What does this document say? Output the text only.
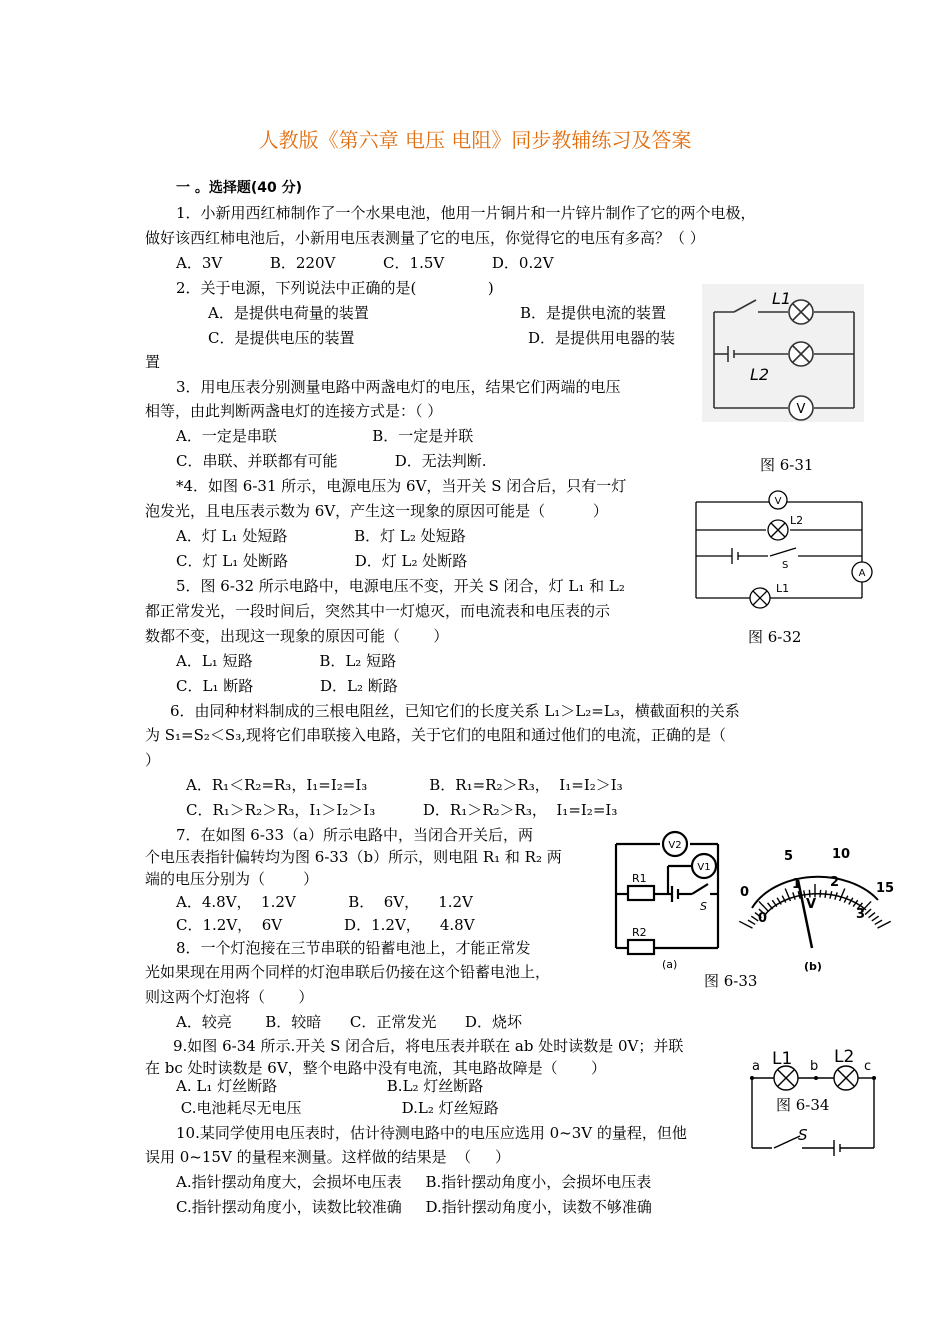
人教版《第六章 电压 电阻》同步教辅练习及答案
一 。选择题(40 分)
1．小新用西红柿制作了一个水果电池，他用一片铜片和一片锌片制作了它的两个电极，
做好该西红柿电池后，小新用电压表测量了它的电压，你觉得它的电压有多高？（ ）
A．3V          B．220V          C．1.5V          D．0.2V
2．关于电源，下列说法中正确的是(               )
A．是提供电荷量的装置	B．是提供电流的装置
C．是提供电压的装置	D．是提供用电器的装
置
3．用电压表分别测量电路中两盏电灯的电压，结果它们两端的电压
相等，由此判断两盏电灯的连接方式是：（ ）
A．一定是串联                    B．一定是并联
C．串联、并联都有可能            D．无法判断.
*4．如图 6-31 所示，电源电压为 6V，当开关 S 闭合后，只有一灯
泡发光，且电压表示数为 6V，产生这一现象的原因可能是（          ）
A．灯 L₁ 处短路              B．灯 L₂ 处短路
C．灯 L₁ 处断路              D．灯 L₂ 处断路
5．图 6-32 所示电路中，电源电压不变，开关 S 闭合，灯 L₁ 和 L₂
都正常发光，一段时间后，突然其中一灯熄灭，而电流表和电压表的示
数都不变，出现这一现象的原因可能（       ）
A．L₁ 短路              B．L₂ 短路
C．L₁ 断路              D．L₂ 断路
6．由同种材料制成的三根电阻丝，已知它们的长度关系 L₁＞L₂=L₃，横截面积的关系
为 S₁=S₂＜S₃,现将它们串联接入电路，关于它们的电阻和通过他们的电流，正确的是（
）
A．R₁＜R₂=R₃，I₁=I₂=I₃             B．R₁=R₂＞R₃，  I₁=I₂＞I₃
C．R₁＞R₂＞R₃，I₁＞I₂＞I₃          D．R₁＞R₂＞R₃，  I₁=I₂=I₃
7．在如图 6-33（a）所示电路中，当闭合开关后，两
个电压表指针偏转均为图 6-33（b）所示，则电阻 R₁ 和 R₂ 两
端的电压分别为（        ）
A．4.8V，  1.2V           B．  6V，    1.2V
C．1.2V，  6V             D．1.2V，    4.8V
8．一个灯泡接在三节串联的铅蓄电池上，才能正常发
光如果现在用两个同样的灯泡串联后仍接在这个铅蓄电池上，
则这两个灯泡将（       ）
A．较亮       B．较暗      C．正常发光      D．烧坏
9.如图 6-34 所示.开关 S 闭合后，将电压表并联在 ab 处时读数是 0V；并联
在 bc 处时读数是 6V，整个电路中没有电流，其电路故障是（       ）
A. L₁ 灯丝断路                       B.L₂ 灯丝断路
C.电池耗尽无电压                     D.L₂ 灯丝短路
10.某同学使用电压表时，估计待测电路中的电压应选用 0~3V 的量程，但他
误用 0~15V 的量程来测量。这样做的结果是  （     ）
A.指针摆动角度大，会损坏电压表     B.指针摆动角度小，会损坏电压表
C.指针摆动角度小，读数比较准确     D.指针摆动角度小，读数不够准确
L1
L2
V
图 6-31
V
L2
S
L1
A
图 6-32
V2
V1
R1
R2
S
(a)
0
5	10
15
0
1 2
3
V
(b)
图 6-33
L1 L2
a	b	c
S
图 6-34
